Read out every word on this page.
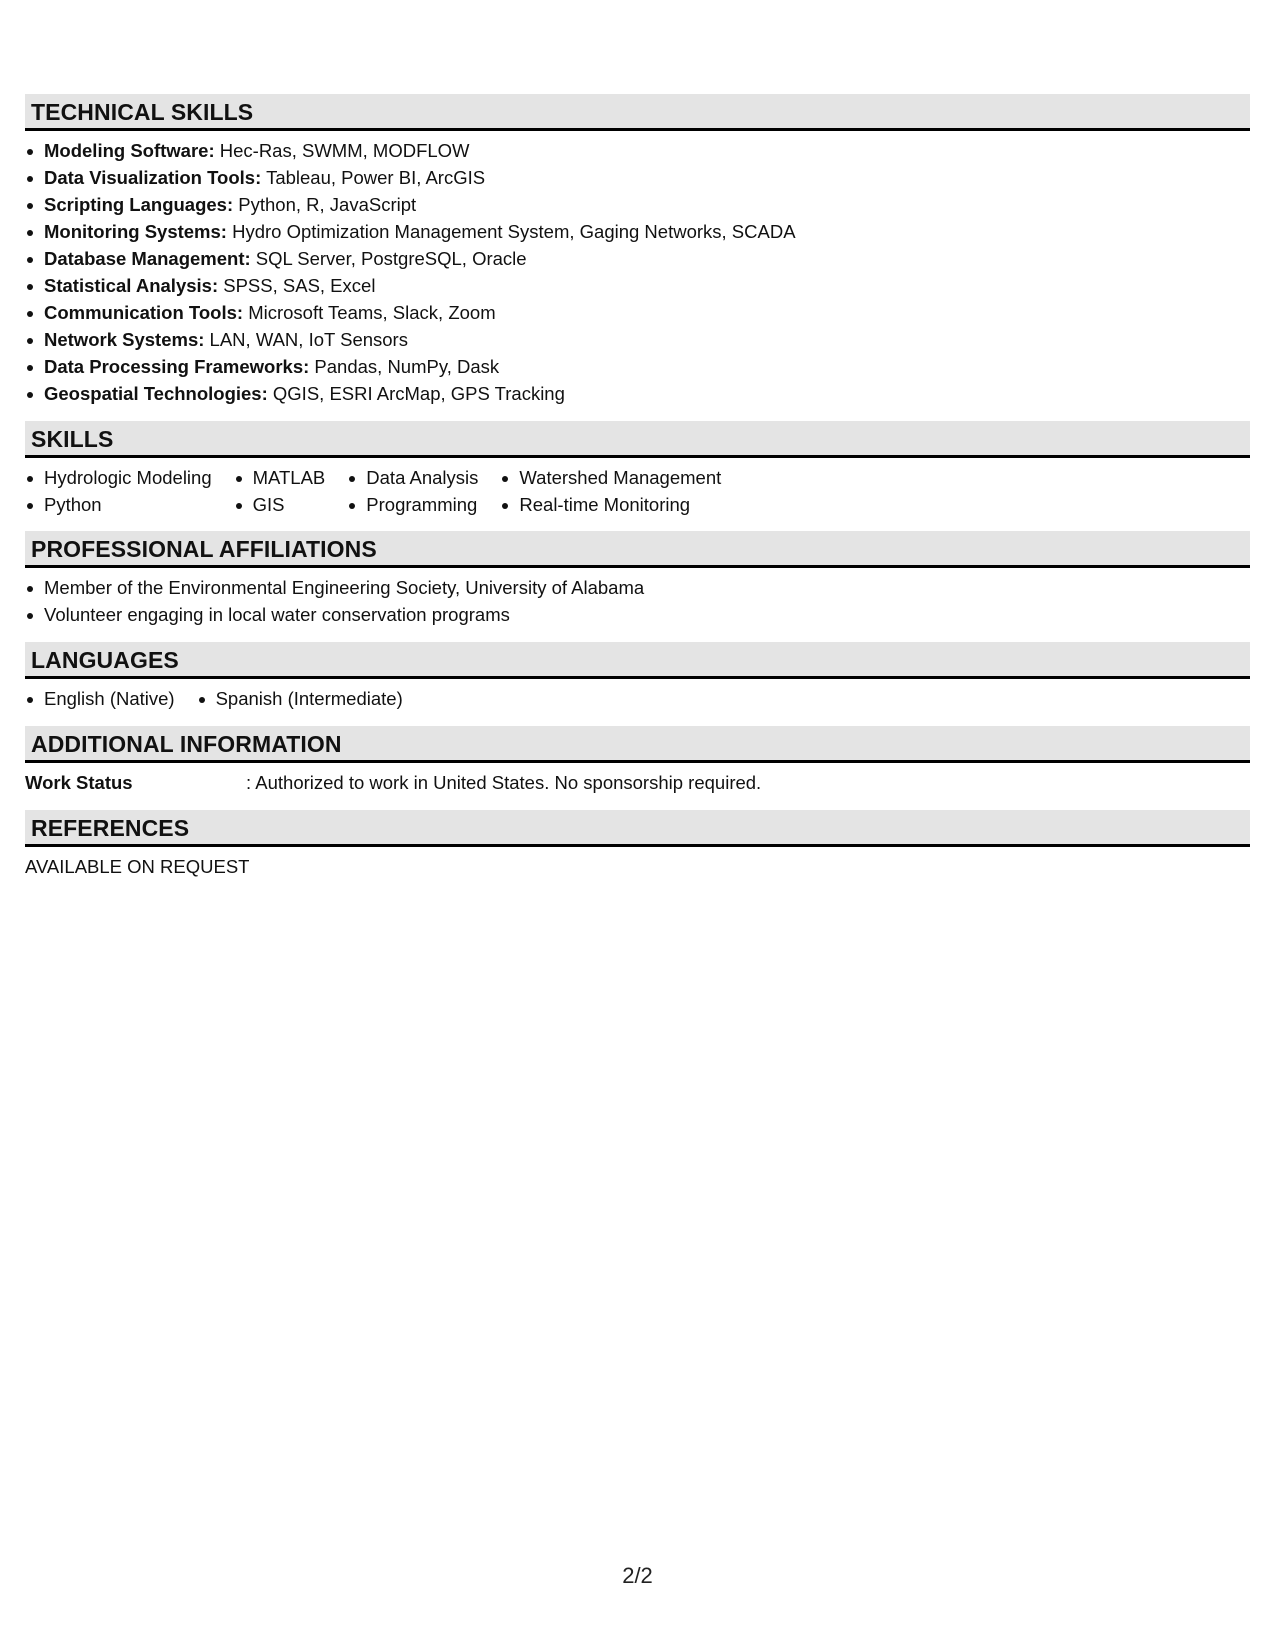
TECHNICAL SKILLS
Modeling Software: Hec-Ras, SWMM, MODFLOW
Data Visualization Tools: Tableau, Power BI, ArcGIS
Scripting Languages: Python, R, JavaScript
Monitoring Systems: Hydro Optimization Management System, Gaging Networks, SCADA
Database Management: SQL Server, PostgreSQL, Oracle
Statistical Analysis: SPSS, SAS, Excel
Communication Tools: Microsoft Teams, Slack, Zoom
Network Systems: LAN, WAN, IoT Sensors
Data Processing Frameworks: Pandas, NumPy, Dask
Geospatial Technologies: QGIS, ESRI ArcMap, GPS Tracking
SKILLS
Hydrologic Modeling
Python
MATLAB
GIS
Data Analysis
Programming
Watershed Management
Real-time Monitoring
PROFESSIONAL AFFILIATIONS
Member of the Environmental Engineering Society, University of Alabama
Volunteer engaging in local water conservation programs
LANGUAGES
English (Native)	Spanish (Intermediate)
ADDITIONAL INFORMATION
Work Status	: Authorized to work in United States. No sponsorship required.
REFERENCES
AVAILABLE ON REQUEST
2/2
